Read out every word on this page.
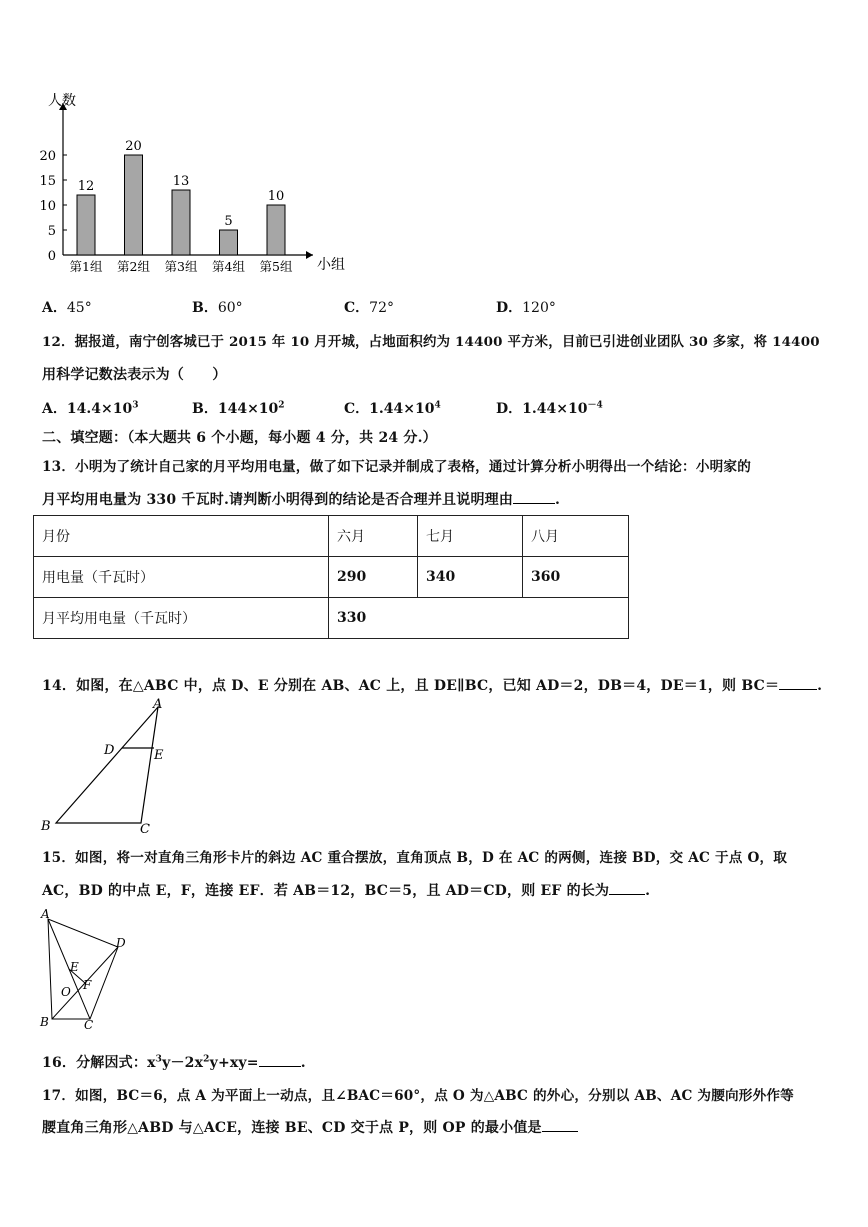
0
5
10
15
20
12
第1组
20
第2组
13
第3组
5
第4组
10
第5组
人数
小组
A．45°	B．60°	C．72°	D．120°
12．据报道，南宁创客城已于 2015 年 10 月开城，占地面积约为 14400 平方米，目前已引进创业团队 30 多家，将 14400
用科学记数法表示为（　　）
A．$14.4\times 10^3$	B．$144\times 10^2$	C．$1.44\times 10^4$	D．$1.44\times 10^{-4}$
二、填空题：（本大题共 6 个小题，每小题 4 分，共 24 分.）
13．小明为了统计自己家的月平均用电量，做了如下记录并制成了表格，通过计算分析小明得出一个结论：小明家的
月平均用电量为 330 千瓦时.请判断小明得到的结论是否合理并且说明理由	.
月份	六月	七月	八月
用电量（千瓦时）	290	340	360
月平均用电量（千瓦时）	330		
14．如图，在△ABC 中，点 D、E 分别在 AB、AC 上，且 DE∥BC，已知 AD＝2，DB＝4，DE＝1，则 BC＝	.
A
D	E
B	C
15．如图，将一对直角三角形卡片的斜边 AC 重合摆放，直角顶点 B，D 在 AC 的两侧，连接 BD，交 AC 于点 O，取
AC，BD 的中点 E，F，连接 EF．若 AB＝12，BC＝5，且 AD＝CD，则 EF 的长为	.
A
D
E
O F
B	C
16．分解因式：$x^3y-2x^2y+xy=$	.
17．如图，BC＝6，点 A 为平面上一动点，且∠BAC＝60°，点 O 为△ABC 的外心，分别以 AB、AC 为腰向形外作等
腰直角三角形△ABD 与△ACE，连接 BE、CD 交于点 P，则 OP 的最小值是
